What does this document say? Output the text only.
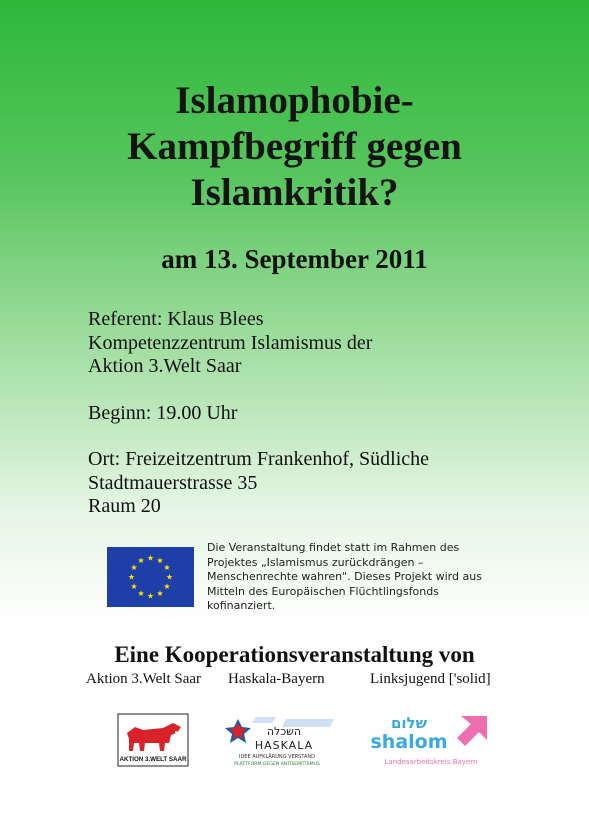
Islamophobie-
Kampfbegriff gegen
Islamkritik?
am 13. September 2011

Referent: Klaus Blees

Kompetenzzentrum Islamismus der

Aktion 3.Welt Saar

Beginn: 19.00 Uhr

Ort: Freizeitzentrum Frankenhof, Südliche

Stadtmauerstrasse 35

Raum 20

Die Veranstaltung findet statt im Rahmen des

Projektes „Islamismus zurückdrängen –

Menschenrechte wahren". Dieses Projekt wird aus

Mitteln des Europäischen Flüchtlingsfonds

kofinanziert.

Eine Kooperationsveranstaltung von
Aktion 3.Welt Saar Haskala-Bayern	Linksjugend ['solid]
AKTION 3.WELT SAAR
השכלה
HASKALA
IDEE AUFKLÄRUNG VERSTAND
PLATTFORM GEGEN ANTISEMITISMUS
שלום
shalom
Landesarbeitskreis Bayern
